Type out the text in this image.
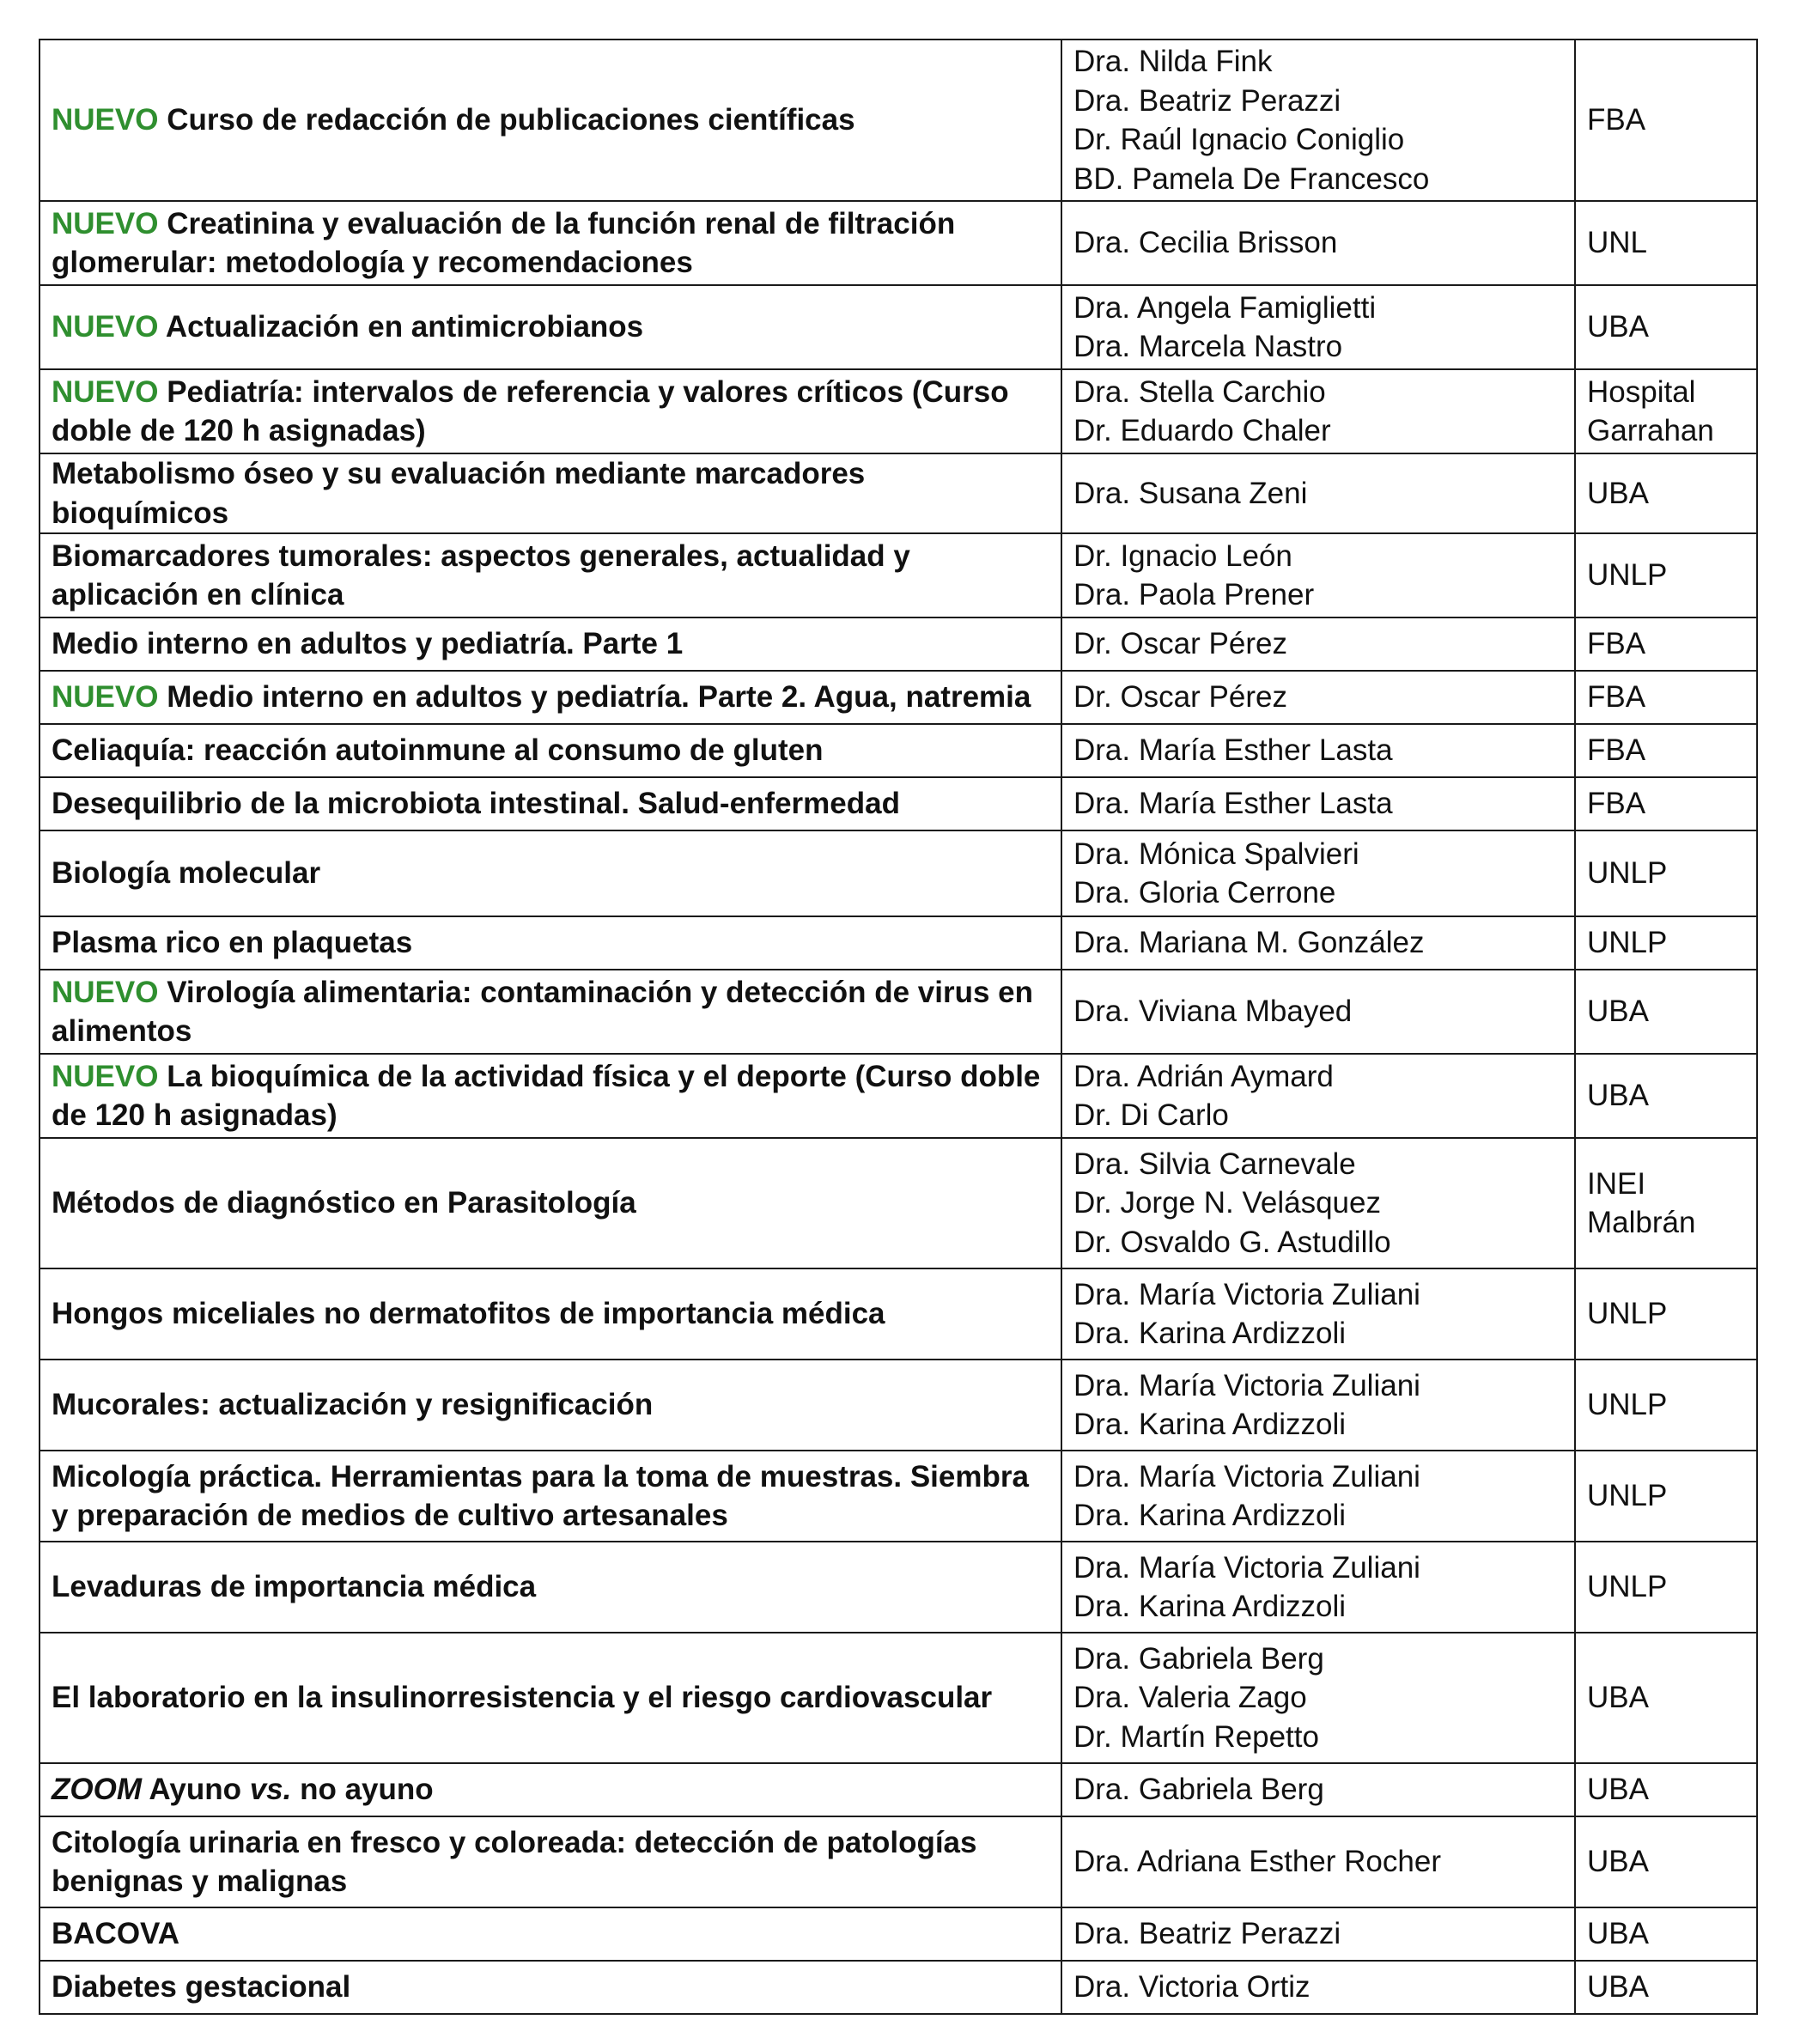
NUEVO Curso de redacción de publicaciones científicas	Dra. Nilda Fink
Dra. Beatriz Perazzi
Dr. Raúl Ignacio Coniglio
BD. Pamela De Francesco	FBA

NUEVO Creatinina y evaluación de la función renal de filtración glomerular: metodología y recomendaciones	Dra. Cecilia Brisson	UNL

NUEVO Actualización en antimicrobianos	Dra. Angela Famiglietti
Dra. Marcela Nastro	UBA

NUEVO Pediatría: intervalos de referencia y valores críticos (Curso doble de 120 h asignadas)	Dra. Stella Carchio
Dr. Eduardo Chaler	Hospital
Garrahan

Metabolismo óseo y su evaluación mediante marcadores bioquímicos	Dra. Susana Zeni	UBA

Biomarcadores tumorales: aspectos generales, actualidad y aplicación en clínica	Dr. Ignacio León
Dra. Paola Prener	UNLP

Medio interno en adultos y pediatría. Parte 1	Dr. Oscar Pérez	FBA

NUEVO Medio interno en adultos y pediatría. Parte 2. Agua, natremia	Dr. Oscar Pérez	FBA

Celiaquía: reacción autoinmune al consumo de gluten	Dra. María Esther Lasta	FBA

Desequilibrio de la microbiota intestinal. Salud-enfermedad	Dra. María Esther Lasta	FBA

Biología molecular	Dra. Mónica Spalvieri
Dra. Gloria Cerrone	UNLP

Plasma rico en plaquetas	Dra. Mariana M. González	UNLP

NUEVO Virología alimentaria: contaminación y detección de virus en alimentos	Dra. Viviana Mbayed	UBA

NUEVO La bioquímica de la actividad física y el deporte (Curso doble de 120 h asignadas)	Dra. Adrián Aymard
Dr. Di Carlo	UBA

Métodos de diagnóstico en Parasitología	Dra. Silvia Carnevale
Dr. Jorge N. Velásquez
Dr. Osvaldo G. Astudillo	INEI
Malbrán

Hongos miceliales no dermatofitos de importancia médica	Dra. María Victoria Zuliani
Dra. Karina Ardizzoli	UNLP

Mucorales: actualización y resignificación	Dra. María Victoria Zuliani
Dra. Karina Ardizzoli	UNLP

Micología práctica. Herramientas para la toma de muestras. Siembra y preparación de medios de cultivo artesanales	Dra. María Victoria Zuliani
Dra. Karina Ardizzoli	UNLP

Levaduras de importancia médica	Dra. María Victoria Zuliani
Dra. Karina Ardizzoli	UNLP

El laboratorio en la insulinorresistencia y el riesgo cardiovascular	Dra. Gabriela Berg
Dra. Valeria Zago
Dr. Martín Repetto	UBA

ZOOM Ayuno vs. no ayuno	Dra. Gabriela Berg	UBA

Citología urinaria en fresco y coloreada: detección de patologías benignas y malignas	Dra. Adriana Esther Rocher	UBA

BACOVA	Dra. Beatriz Perazzi	UBA

Diabetes gestacional	Dra. Victoria Ortiz	UBA
